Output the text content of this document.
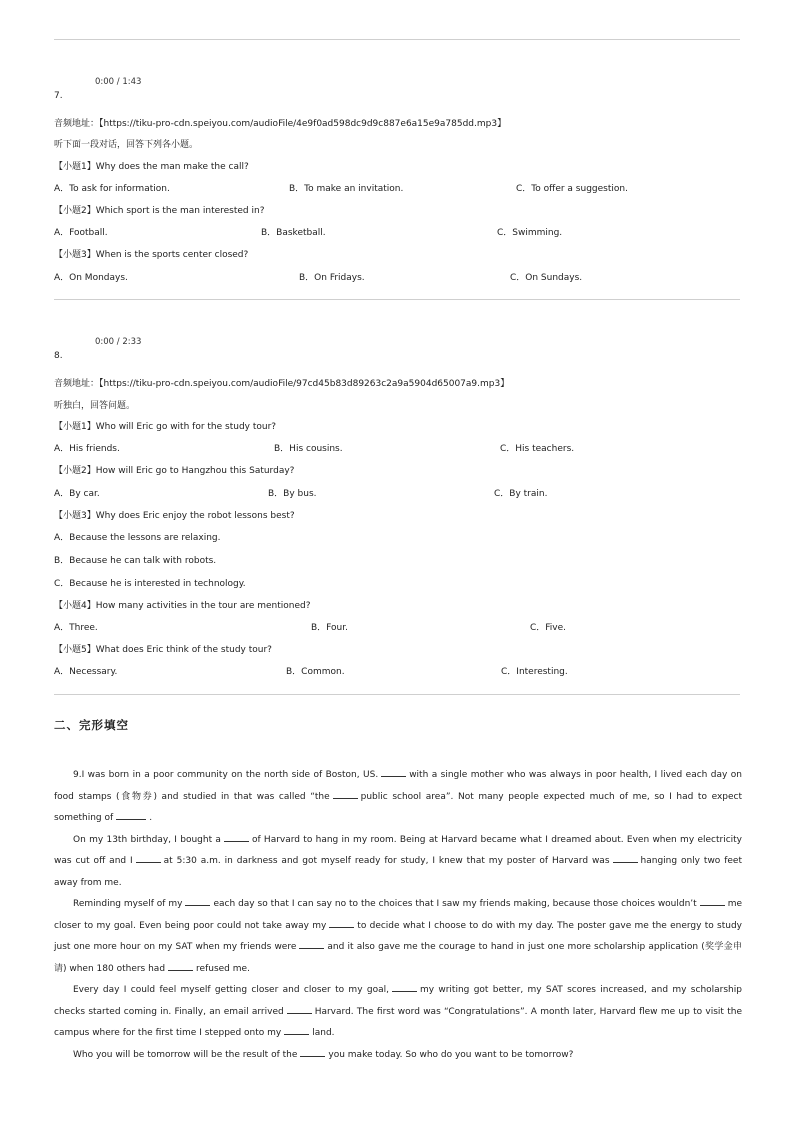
0:00 / 1:43
7.
音频地址：【https://tiku-pro-cdn.speiyou.com/audioFile/4e9f0ad598dc9d9c887e6a15e9a785dd.mp3】
听下面一段对话，回答下列各小题。
【小题1】Why does the man make the call?
A．To ask for information.	B．To make an invitation.	C．To offer a suggestion.
【小题2】Which sport is the man interested in?
A．Football.	B．Basketball.	C．Swimming.
【小题3】When is the sports center closed?
A．On Mondays.	B．On Fridays.	C．On Sundays.
0:00 / 2:33
8.
音频地址：【https://tiku-pro-cdn.speiyou.com/audioFile/97cd45b83d89263c2a9a5904d65007a9.mp3】
听独白，回答问题。
【小题1】Who will Eric go with for the study tour?
A．His friends.	B．His cousins.	C．His teachers.
【小题2】How will Eric go to Hangzhou this Saturday?
A．By car.	B．By bus.	C．By train.
【小题3】Why does Eric enjoy the robot lessons best?
A．Because the lessons are relaxing.
B．Because he can talk with robots.
C．Because he is interested in technology.
【小题4】How many activities in the tour are mentioned?
A．Three.	B．Four.	C．Five.
【小题5】What does Eric think of the study tour?
A．Necessary.	B．Common.	C．Interesting.
二、完形填空

9.I was born in a poor community on the north side of Boston, US.	with a single mother who was always in poor health, I lived each day on food stamps (食物券) and studied in that was called “the	public school area”. Not many people expected much of me, so I had to expect something of	.

On my 13th birthday, I bought a	of Harvard to hang in my room. Being at Harvard became what I dreamed about. Even when my electricity was cut off and I	at 5:30 a.m. in darkness and got myself ready for study, I knew that my poster of Harvard was	hanging only two feet away from me.

Reminding myself of my	each day so that I can say no to the choices that I saw my friends making, because those choices wouldn’t	me closer to my goal. Even being poor could not take away my	to decide what I choose to do with my day. The poster gave me the energy to study just one more hour on my SAT when my friends were	and it also gave me the courage to hand in just one more scholarship application (奖学金申请) when 180 others had	refused me.

Every day I could feel myself getting closer and closer to my goal,	my writing got better, my SAT scores increased, and my scholarship checks started coming in. Finally, an email arrived	Harvard. The first word was “Congratulations”. A month later, Harvard flew me up to visit the campus where for the first time I stepped onto my	land.

Who you will be tomorrow will be the result of the	you make today. So who do you want to be tomorrow?
